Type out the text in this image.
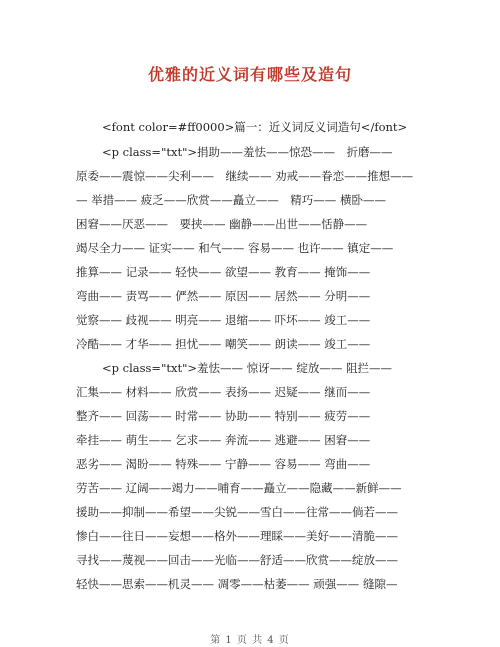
优雅的近义词有哪些及造句
<font color=#ff0000>篇一：近义词反义词造句</font>
<p class="txt">捐助——羞怯——惊恐——　折磨——
原委——震惊——尖利——　继续—— 劝戒——眷恋——推想——
— 举措—— 疲乏——欣赏——矗立——　精巧—— 横卧——
困窘——厌恶——　要挟—— 幽静——出世——恬静——
竭尽全力—— 证实—— 和气—— 容易—— 也许—— 镇定——
推算—— 记录—— 轻快—— 欲望—— 教育—— 掩饰——
弯曲—— 责骂—— 俨然—— 原因—— 居然—— 分明——
觉察—— 歧视—— 明亮—— 退缩—— 吓坏—— 竣工——
冷酷—— 才华—— 担忧—— 嘲笑—— 朗读—— 竣工——
<p class="txt">羞怯—— 惊讶—— 绽放—— 阻拦——
汇集—— 材料—— 欣赏—— 表扬—— 迟疑—— 继而——
整齐—— 回荡—— 时常—— 协助—— 特别—— 疲劳——
牵挂—— 萌生—— 乞求—— 奔流—— 逃避—— 困窘——
恶劣—— 渴盼—— 特殊—— 宁静—— 容易—— 弯曲——
劳苦—— 辽阔——竭力——哺育——矗立——隐藏——新鲜——
援助——抑制——希望——尖锐——雪白——往常——倘若——
惨白——往日——妄想——格外——理睬——美好——清脆——
寻找——蔑视——回击——光临——舒适——欣赏——绽放——
轻快——思索——机灵—— 凋零——枯萎—— 顽强—— 缝隙—
第 1 页 共 4 页
